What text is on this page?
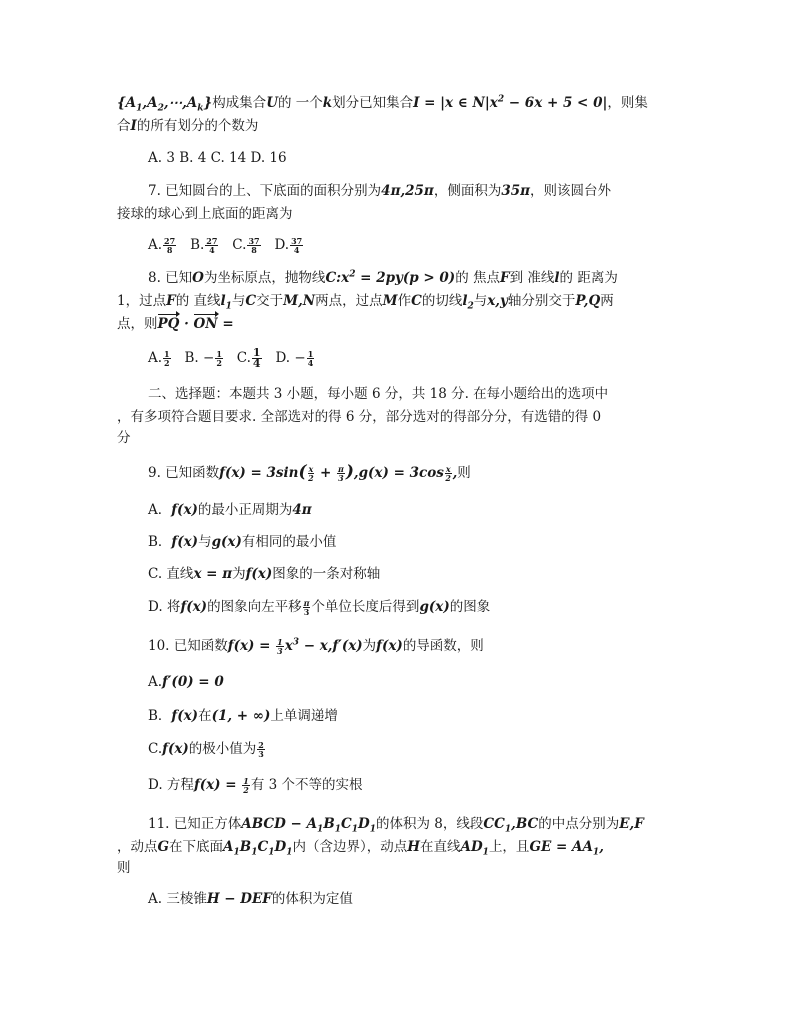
$\{A_1,A_2,\cdots,A_k\}$构成集合U的 一个k划分已知集合I = |x ∈ $N|x^2 - 6x + 5 < 0|$，则集
合I的所有划分的个数为
A. 3 B. 4 C. 14 D. 16
7. 已知圆台的上、下底面的面积分别为4π,25π，侧面积为35π，则该圆台外
接球的球心到上底面的距离为
A. $\frac{27}{8} B$. $\frac{27}{4} C$. $\frac{37}{8} D$. $\frac{37}{4}$
8. 已知O为坐标原点，抛物线$C:x^2 = 2py(p > 0)$的 焦点F到 准线l的 距离为
1，过点F的 直线$l_1$与C交于M,N两点，过点M作C的切线$l_2$与x,y轴分别交于P,Q两
点，则PQ · ON =
A. $\frac{1}{2} B$. − $\frac{1}{2} C$. $\frac{1}{4} D$. − $\frac{1}{4}$
二、选择题：本题共 3 小题，每小题 6 分，共 18 分. 在每小题给出的选项中
，有多项符合题目要求. 全部选对的得 6 分，部分选对的得部分分，有选错的得 0
分
9. 已知函数$f(x) = 3\sin( \frac{x}{2} + \frac{\pi}{3} ),g(x) = 3\cos \frac{x}{2}$ ,则
A．f(x)的最小正周期为4π
B．f(x)与g(x)有相同的最小值
C. 直线x = π为f(x)图象的一条对称轴
D. 将f(x)的图象向左平移 $\frac{\pi}{3}$ 个单位长度后得到g(x)的图象
10. 已知函数$f(x) = \frac{1}{3} x^3 - x,f'(x)$为f(x)的导函数，则
A.f′(0) = 0
B．f(x)在(1, + ∞)上单调递增
C.f(x)的极小值为 $\frac{2}{3}$
D. 方程$f(x) = \frac{1}{2}$ 有 3 个不等的实根
11. 已知正方体ABCD − $A_1B_1C_1D_1$的体积为 8，线段$CC_1,BC$的中点分别为E,F
，动点G在下底面$A_1B_1C_1D_1$内（含边界），动点H在直线$AD_1$上，且GE = $AA_1$,
则
A. 三棱锥H − DEF的体积为定值
